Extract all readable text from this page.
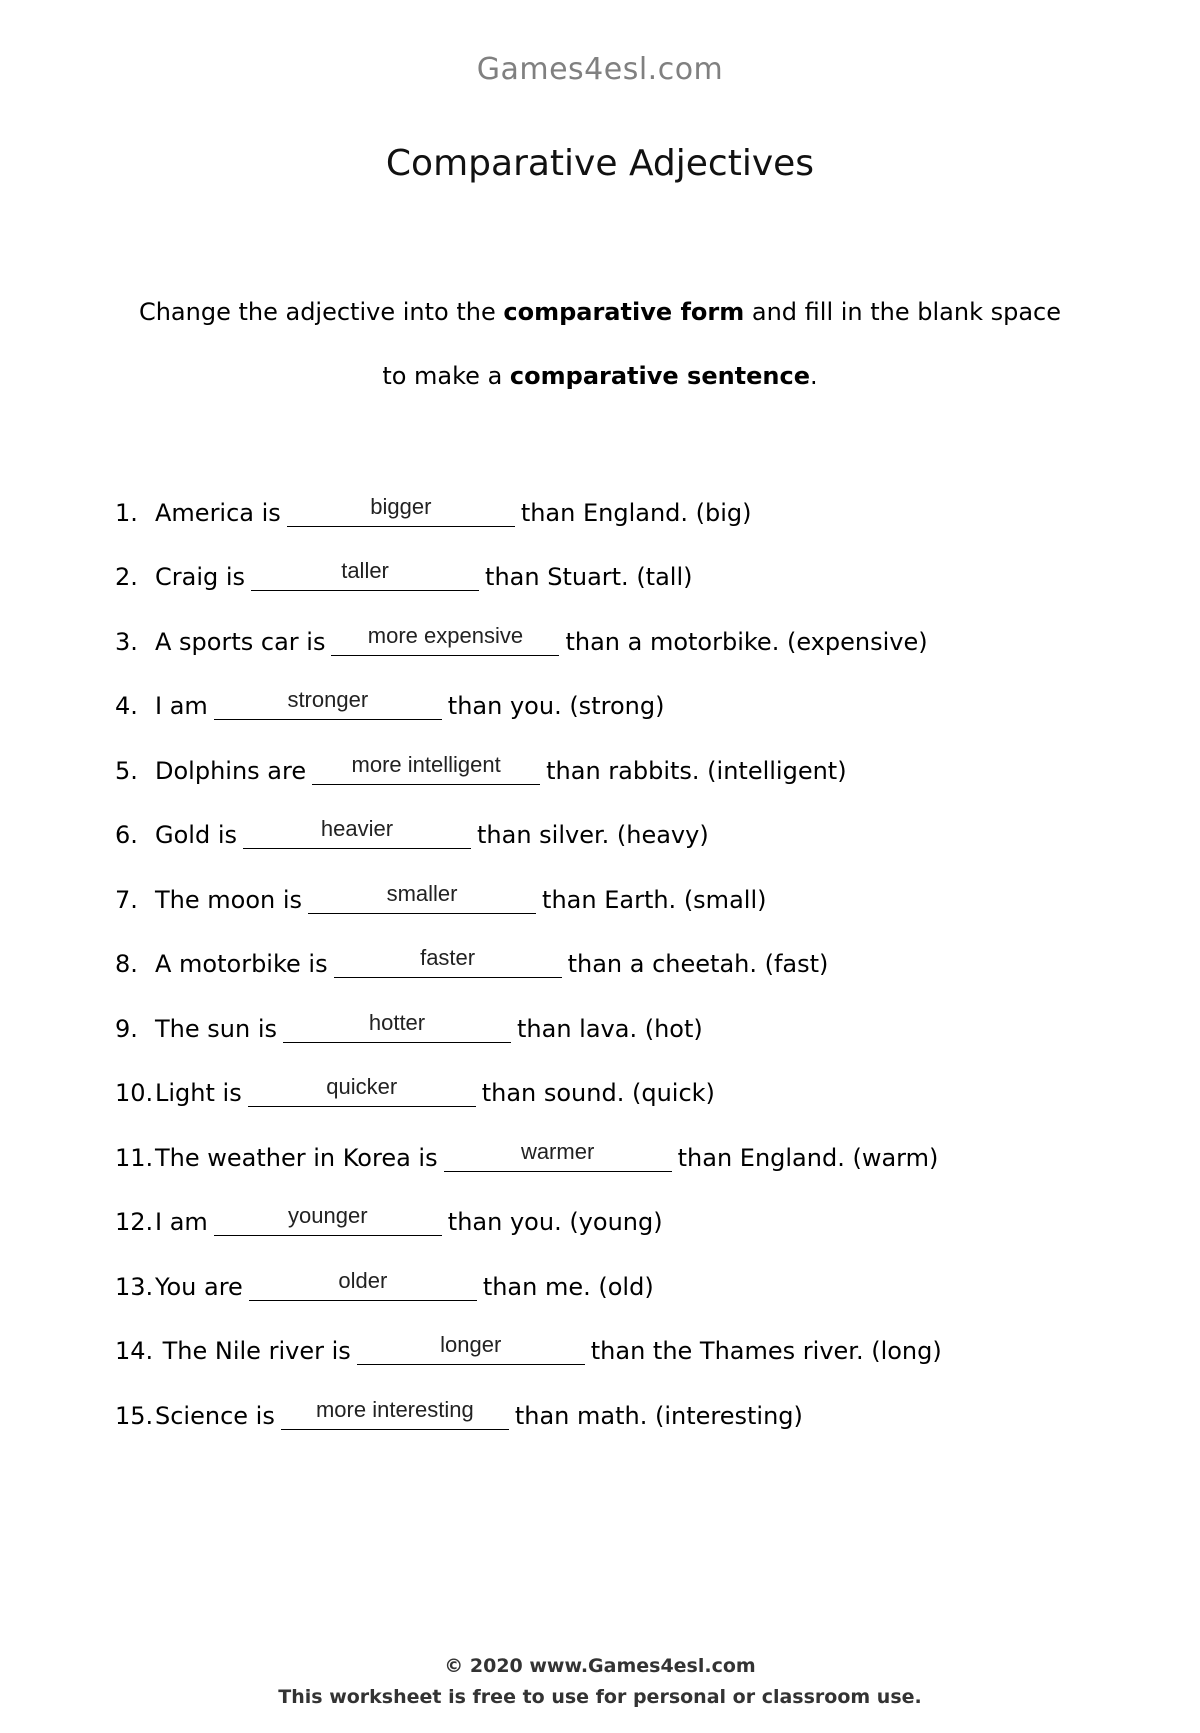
Games4esl.com
Comparative Adjectives
Change the adjective into the comparative form and fill in the blank space to make a comparative sentence.
1. America is	bigger	than England. (big)
2. Craig is	taller	than Stuart. (tall)
3. A sports car is	more expensive	than a motorbike. (expensive)
4. I am	stronger	than you. (strong)
5. Dolphins are	more intelligent	than rabbits. (intelligent)
6. Gold is	heavier	than silver. (heavy)
7. The moon is	smaller	than Earth. (small)
8. A motorbike is	faster	than a cheetah. (fast)
9. The sun is	hotter	than lava. (hot)
10. Light is	quicker	than sound. (quick)
11. The weather in Korea is	warmer	than England. (warm)
12. I am	younger	than you. (young)
13. You are	older	than me. (old)
14. The Nile river is	longer	than the Thames river. (long)
15. Science is	more interesting	than math. (interesting)
© 2020 www.Games4esl.com
This worksheet is free to use for personal or classroom use.
